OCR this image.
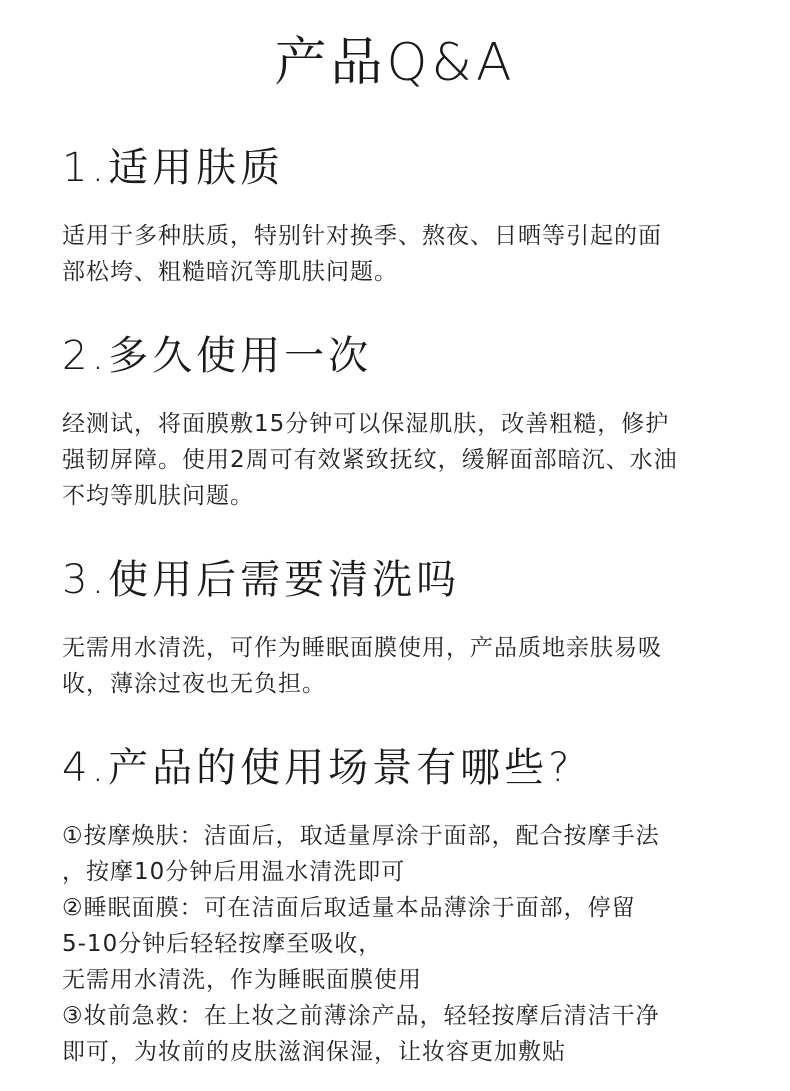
产品Q&A
1.适用肤质
适用于多种肤质，特别针对换季、熬夜、日晒等引起的面
部松垮、粗糙暗沉等肌肤问题。
2.多久使用一次
经测试，将面膜敷15分钟可以保湿肌肤，改善粗糙，修护
强韧屏障。使用2周可有效紧致抚纹，缓解面部暗沉、水油
不均等肌肤问题。
3.使用后需要清洗吗
无需用水清洗，可作为睡眠面膜使用，产品质地亲肤易吸
收，薄涂过夜也无负担。
4.产品的使用场景有哪些?
①按摩焕肤：洁面后，取适量厚涂于面部，配合按摩手法
，按摩10分钟后用温水清洗即可
②睡眠面膜：可在洁面后取适量本品薄涂于面部，停留
5-10分钟后轻轻按摩至吸收，
无需用水清洗，作为睡眠面膜使用
③妆前急救：在上妆之前薄涂产品，轻轻按摩后清洁干净
即可，为妆前的皮肤滋润保湿，让妆容更加敷贴
